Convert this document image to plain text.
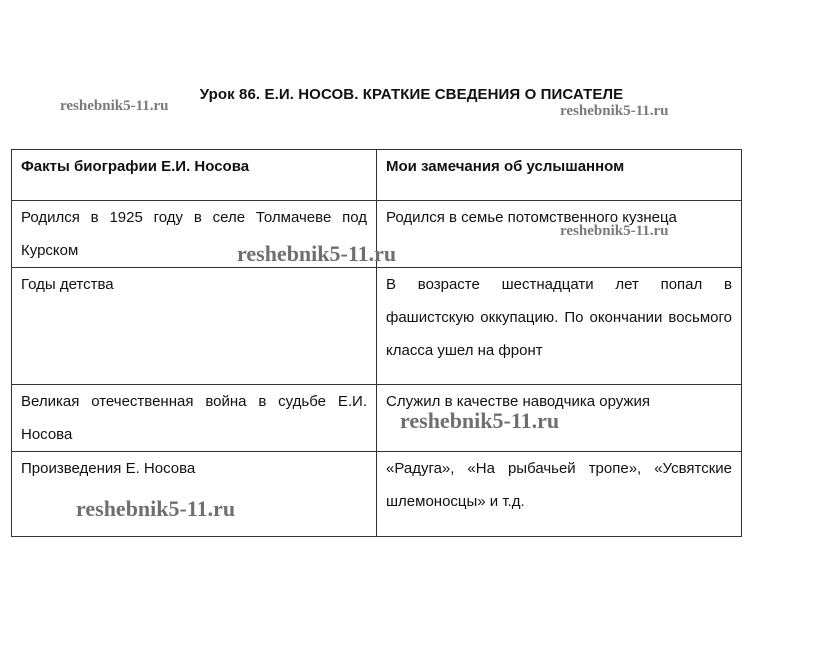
Урок 86. Е.И. НОСОВ. КРАТКИЕ СВЕДЕНИЯ О ПИСАТЕЛЕ
Факты биографии Е.И. Носова	Мои замечания об услышанном

Родился в 1925 году в селе Толмачеве под Курском	Родился в семье потомственного кузнеца
Годы детства	В возрасте шестнадцати лет попал в фашистскую оккупацию. По окончании восьмого класса ушел на фронт
Великая отечественная война в судьбе Е.И. Носова	Служил в качестве наводчика оружия
Произведения Е. Носова	«Радуга», «На рыбачьей тропе», «Усвятские шлемоносцы» и т.д.
reshebnik5-11.ru	reshebnik5-11.ru
reshebnik5-11.ru
reshebnik5-11.ru
reshebnik5-11.ru
reshebnik5-11.ru
